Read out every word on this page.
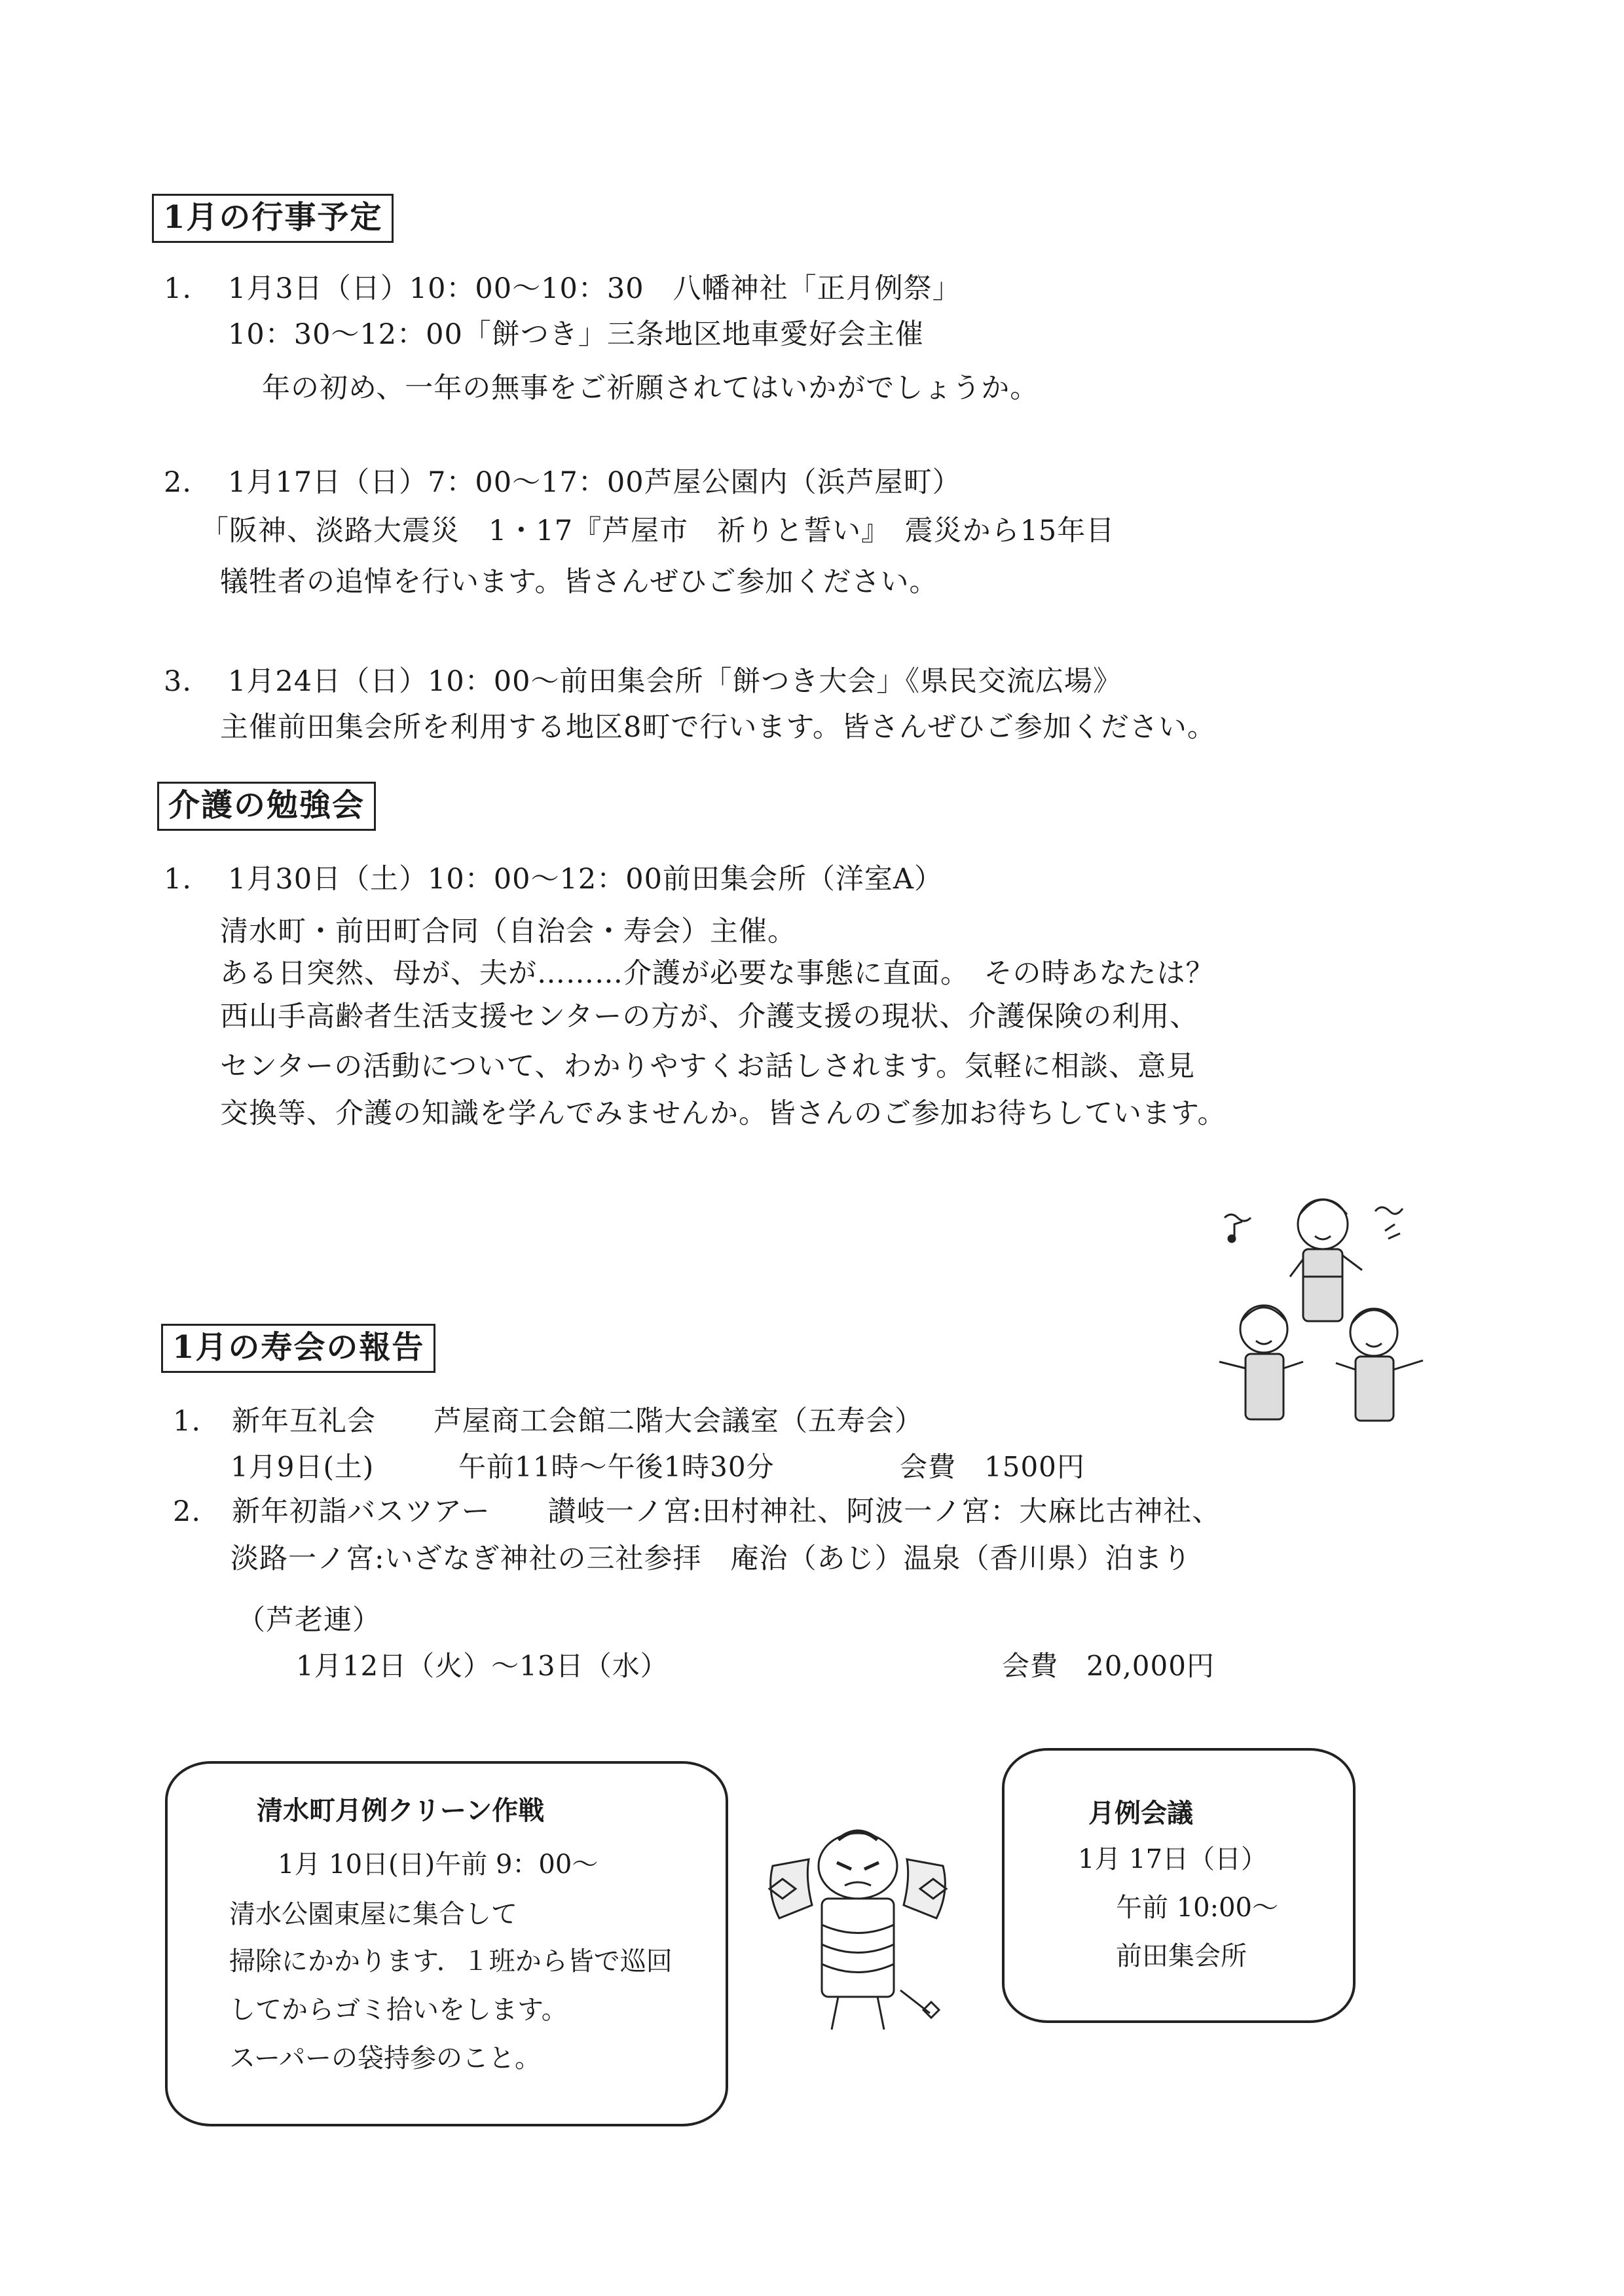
1月の行事予定
1. 1月3日（日）10：00～10：30　八幡神社「正月例祭」
10：30～12：00「餅つき」三条地区地車愛好会主催
年の初め、一年の無事をご祈願されてはいかがでしょうか。
2. 1月17日（日）7：00～17：00芦屋公園内（浜芦屋町）
「阪神、淡路大震災　1・17『芦屋市　祈りと誓い』　震災から15年目
犠牲者の追悼を行います。皆さんぜひご参加ください。
3. 1月24日（日）10：00～前田集会所「餅つき大会」《県民交流広場》
主催前田集会所を利用する地区8町で行います。皆さんぜひご参加ください。
介護の勉強会
1. 1月30日（土）10：00～12：00前田集会所（洋室A）
清水町・前田町合同（自治会・寿会）主催。
ある日突然、母が、夫が………介護が必要な事態に直面。　その時あなたは？
西山手高齢者生活支援センターの方が、介護支援の現状、介護保険の利用、
センターの活動について、わかりやすくお話しされます。気軽に相談、意見
交換等、介護の知識を学んでみませんか。皆さんのご参加お待ちしています。
1月の寿会の報告
1. 新年互礼会　　芦屋商工会館二階大会議室（五寿会）
1月9日(土)	午前11時～午後1時30分	会費　1500円
2. 新年初詣バスツアー　　讃岐一ノ宮:田村神社、阿波一ノ宮：大麻比古神社、
淡路一ノ宮:いざなぎ神社の三社参拝　庵治（あじ）温泉（香川県）泊まり
（芦老連）
1月12日（火）～13日（水）	会費　20,000円
清水町月例クリーン作戦
1月 10日(日)午前 9：00～
清水公園東屋に集合して
掃除にかかります．１班から皆で巡回
してからゴミ拾いをします。
スーパーの袋持参のこと。
月例会議
1月 17日（日）
午前 10:00～
前田集会所
